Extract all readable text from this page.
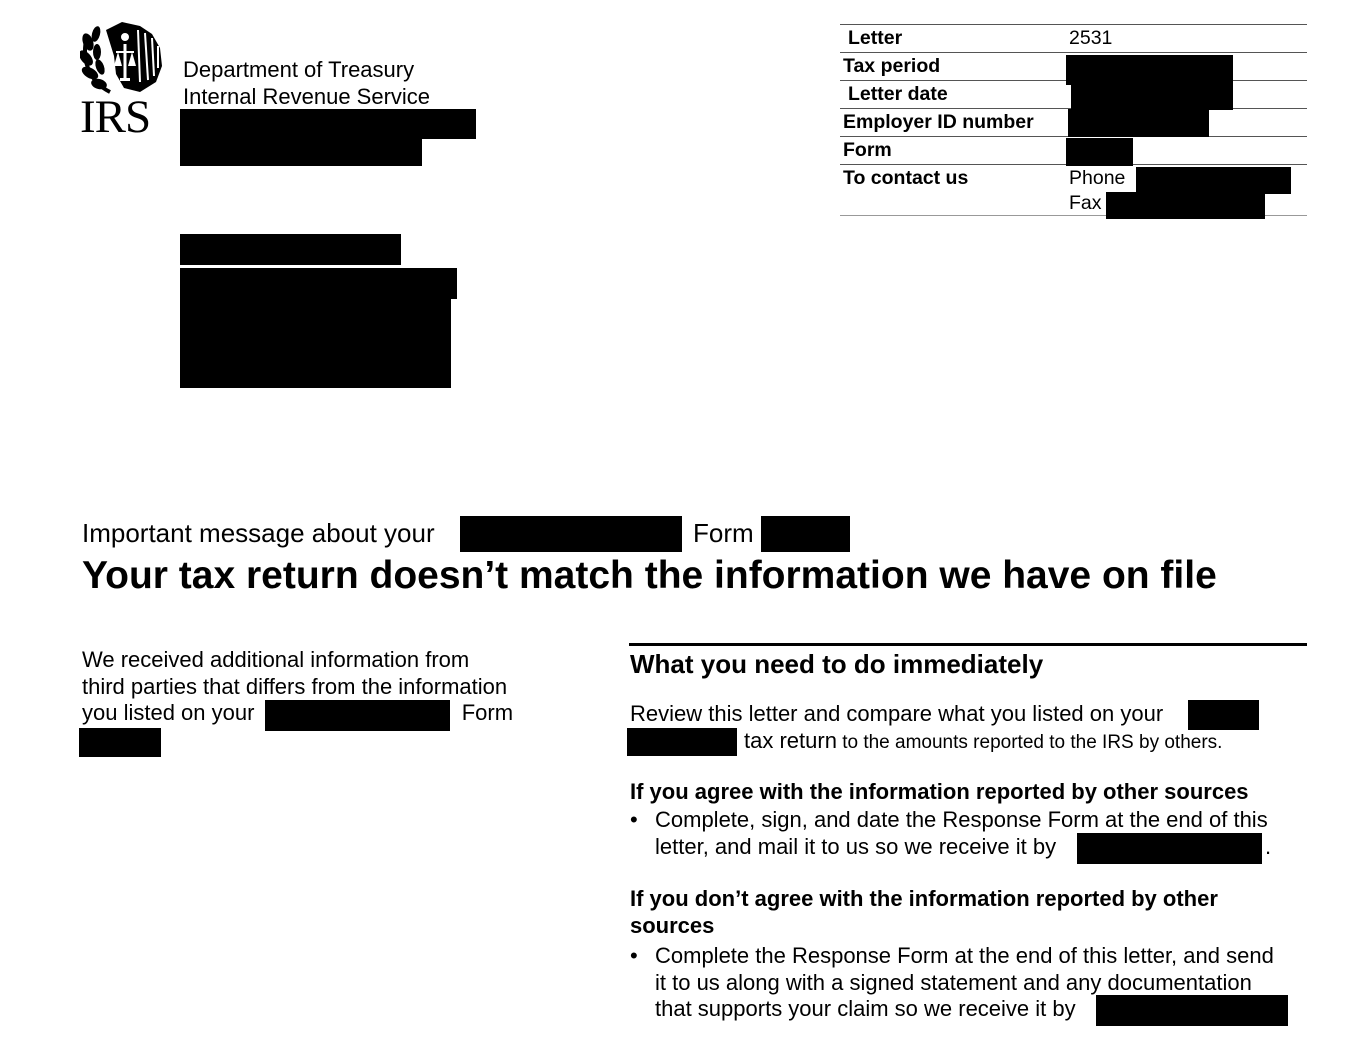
IRS
Department of Treasury
Internal Revenue Service
Letter	2531
Tax period
Letter date
Employer ID number
Form
To contact us	Phone
Fax
Important message about your	Form
Your tax return doesn’t match the information we have on file
We received additional information from
third parties that differs from the information
you listed on your	Form
What you need to do immediately
Review this letter and compare what you listed on your
tax return to the amounts reported to the IRS by others.
If you agree with the information reported by other sources
• Complete, sign, and date the Response Form at the end of this
letter, and mail it to us so we receive it by	.
If you don’t agree with the information reported by other
sources
• Complete the Response Form at the end of this letter, and send
it to us along with a signed statement and any documentation
that supports your claim so we receive it by
